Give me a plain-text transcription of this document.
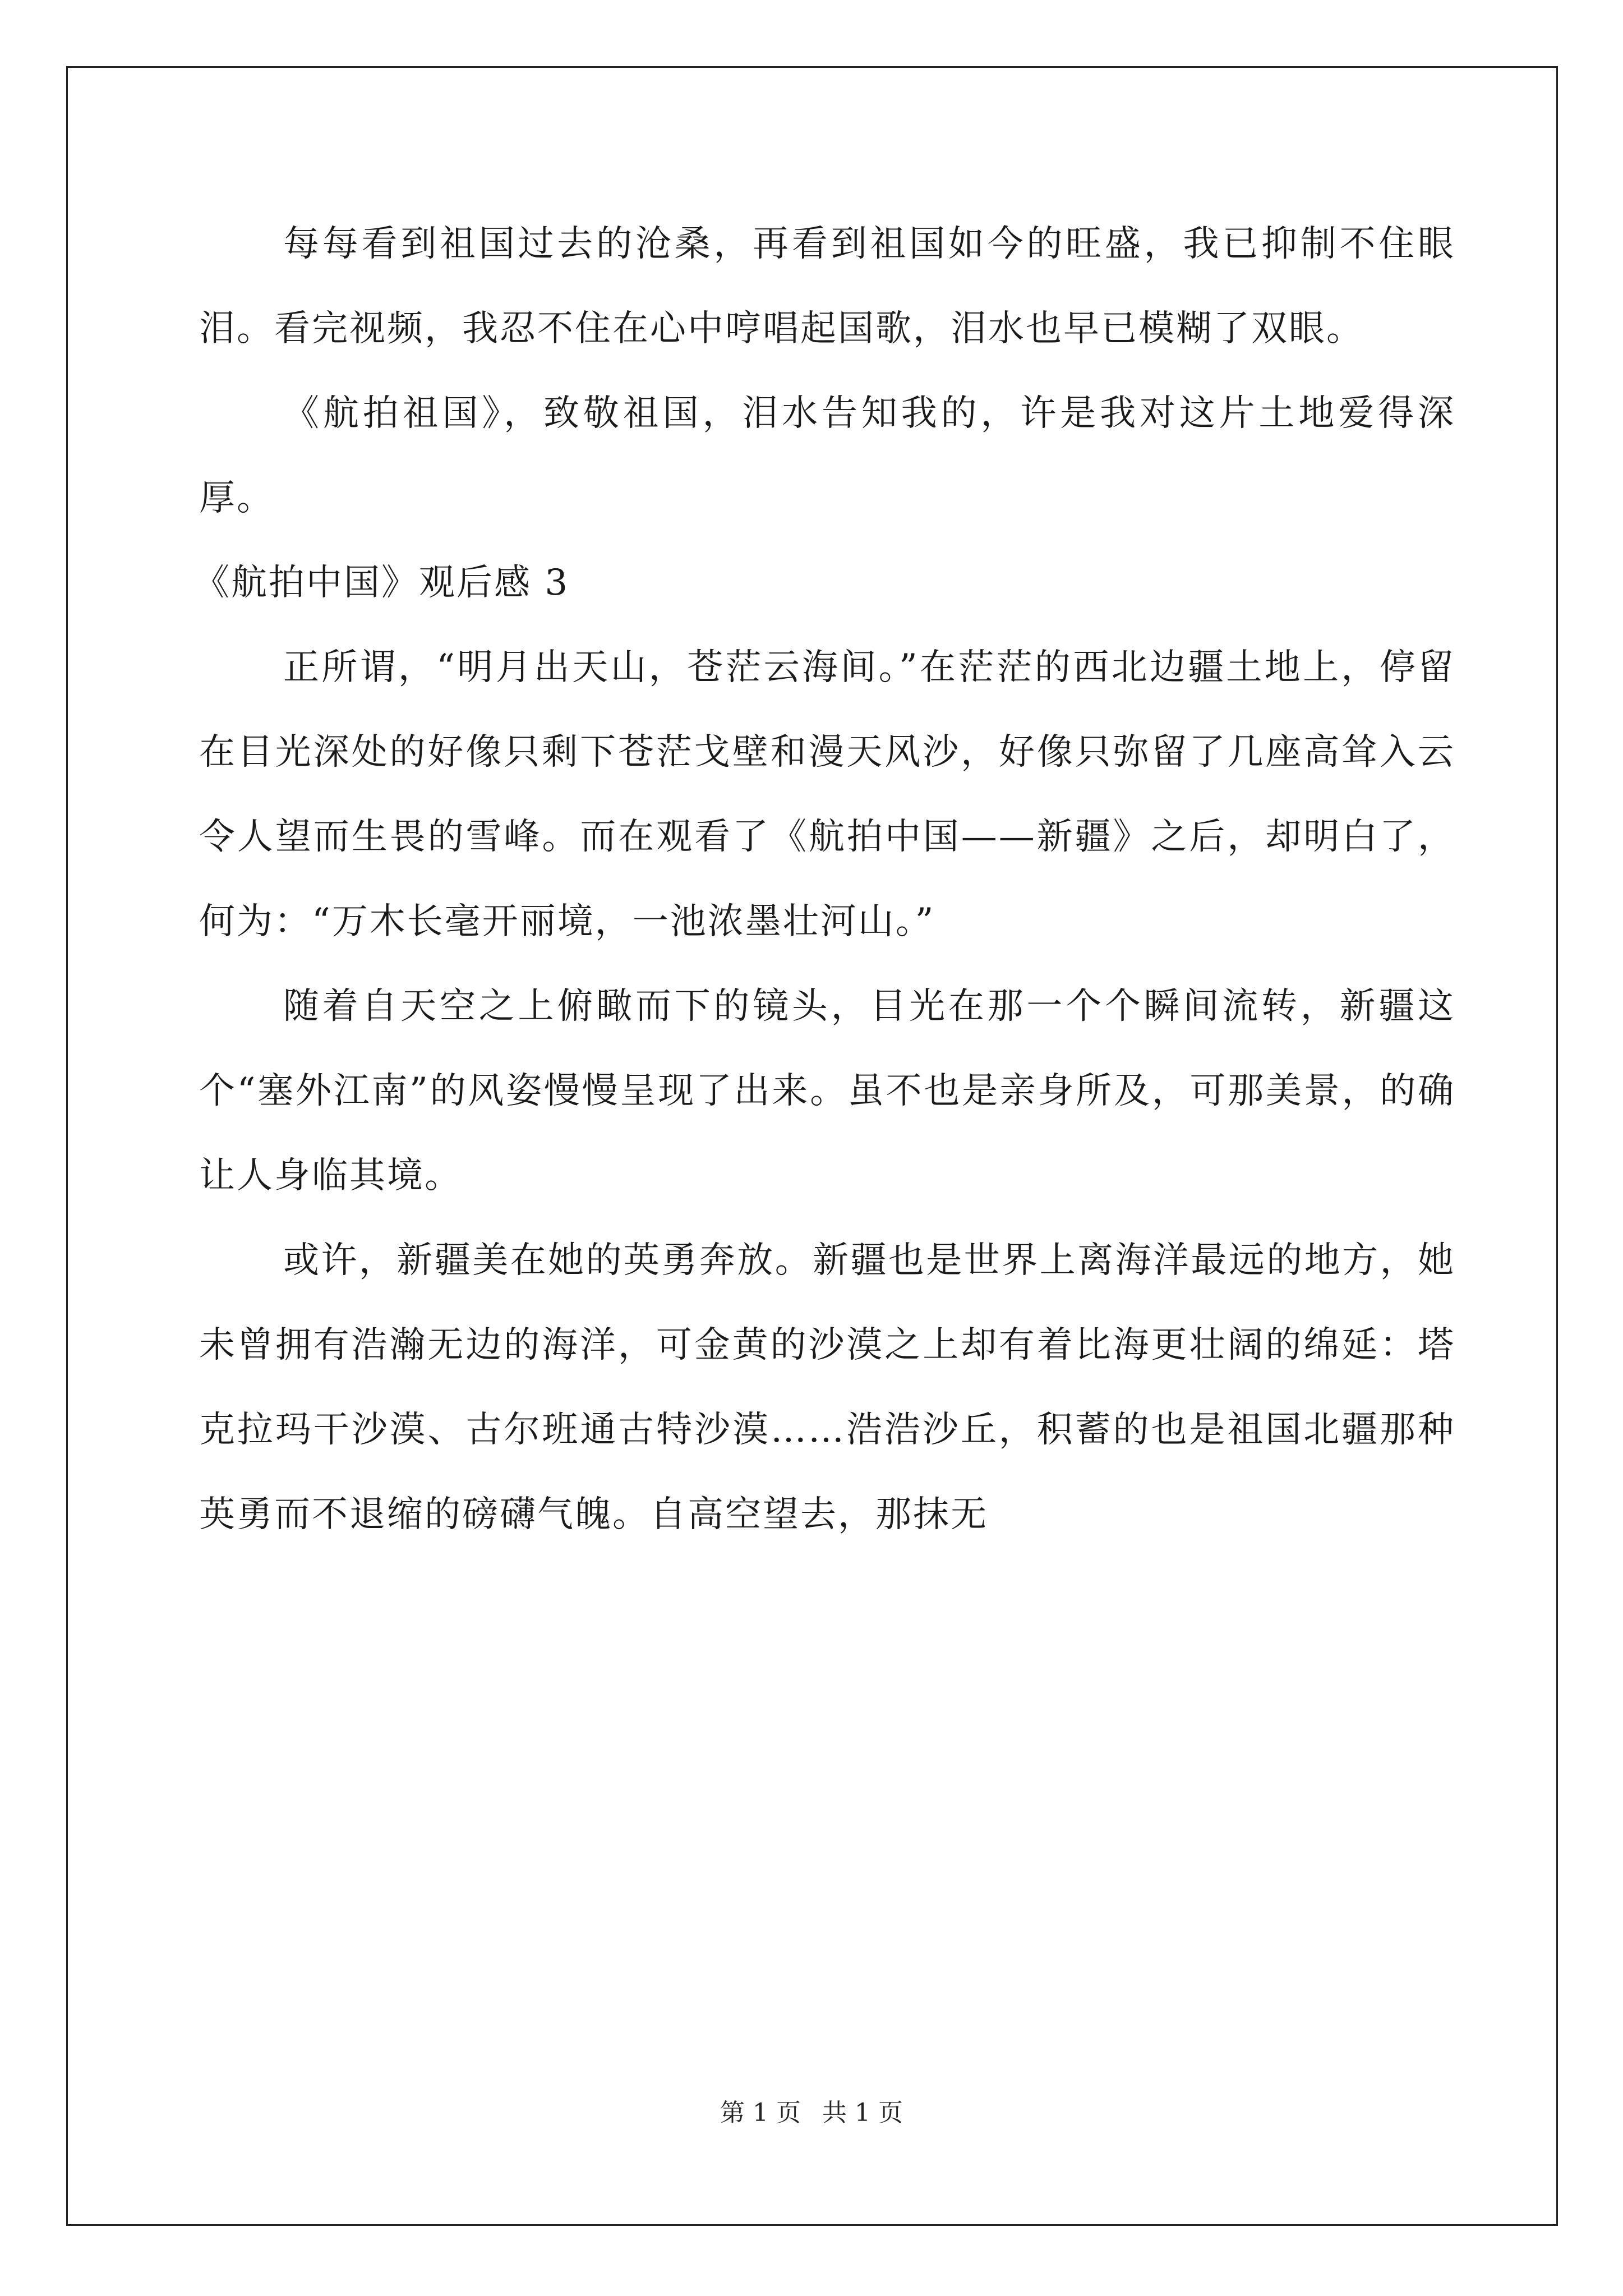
每每看到祖国过去的沧桑，再看到祖国如今的旺盛，我已抑制不住眼泪。看完视频，我忍不住在心中哼唱起国歌，泪水也早已模糊了双眼。

《航拍祖国》，致敬祖国，泪水告知我的，许是我对这片土地爱得深厚。

《航拍中国》观后感 3

正所谓，“明月出天山，苍茫云海间。”在茫茫的西北边疆土地上，停留在目光深处的好像只剩下苍茫戈壁和漫天风沙，好像只弥留了几座高耸入云令人望而生畏的雪峰。而在观看了《航拍中国——新疆》之后，却明白了，何为：“万木长毫开丽境，一池浓墨壮河山。”

随着自天空之上俯瞰而下的镜头，目光在那一个个瞬间流转，新疆这个“塞外江南”的风姿慢慢呈现了出来。虽不也是亲身所及，可那美景，的确让人身临其境。

或许，新疆美在她的英勇奔放。新疆也是世界上离海洋最远的地方，她未曾拥有浩瀚无边的海洋，可金黄的沙漠之上却有着比海更壮阔的绵延：塔克拉玛干沙漠、古尔班通古特沙漠……浩浩沙丘，积蓄的也是祖国北疆那种英勇而不退缩的磅礴气魄。自高空望去，那抹无

第 1 页 共 1 页
